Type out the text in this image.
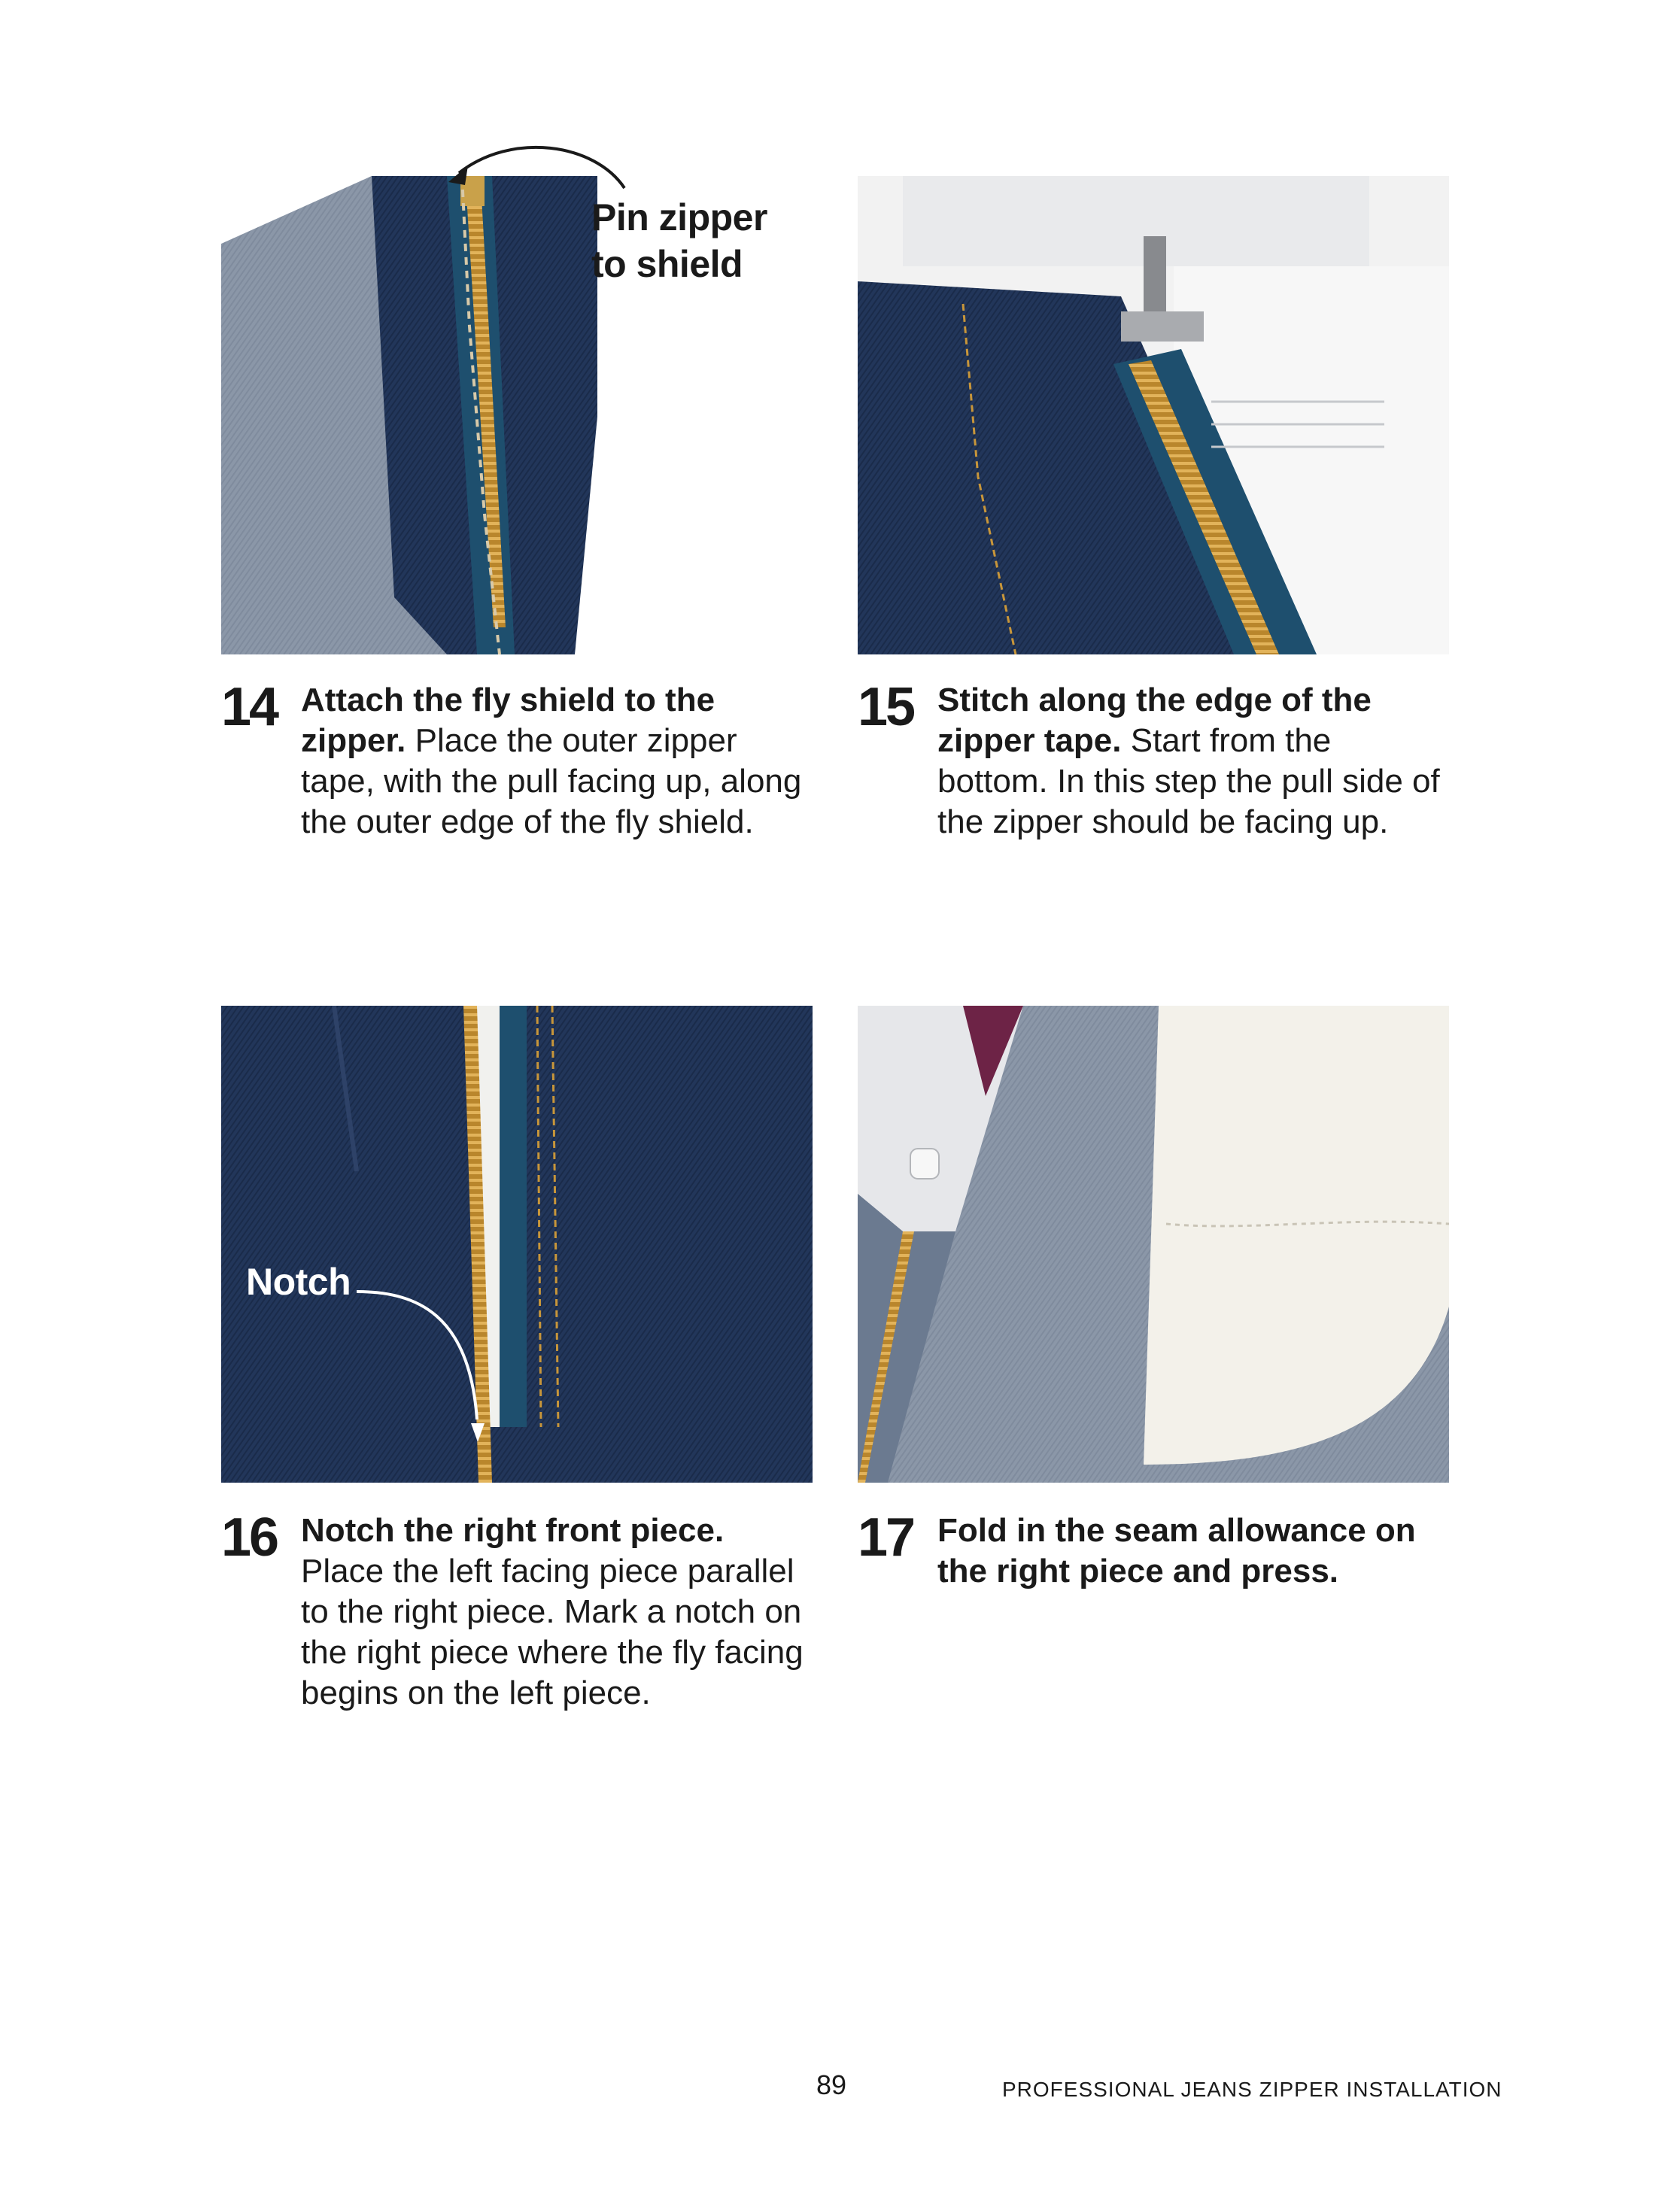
Pin zipper
to shield
Notch
14 Attach the fly shield to the zipper. Place the outer zipper tape, with the pull facing up, along the outer edge of the fly shield.
15 Stitch along the edge of the zipper tape. Start from the bottom. In this step the pull side of the zipper should be facing up.
16 Notch the right front piece. Place the left facing piece parallel to the right piece. Mark a notch on the right piece where the fly facing begins on the left piece.
17 Fold in the seam allowance on the right piece and press.
89	PROFESSIONAL JEANS ZIPPER INSTALLATION
